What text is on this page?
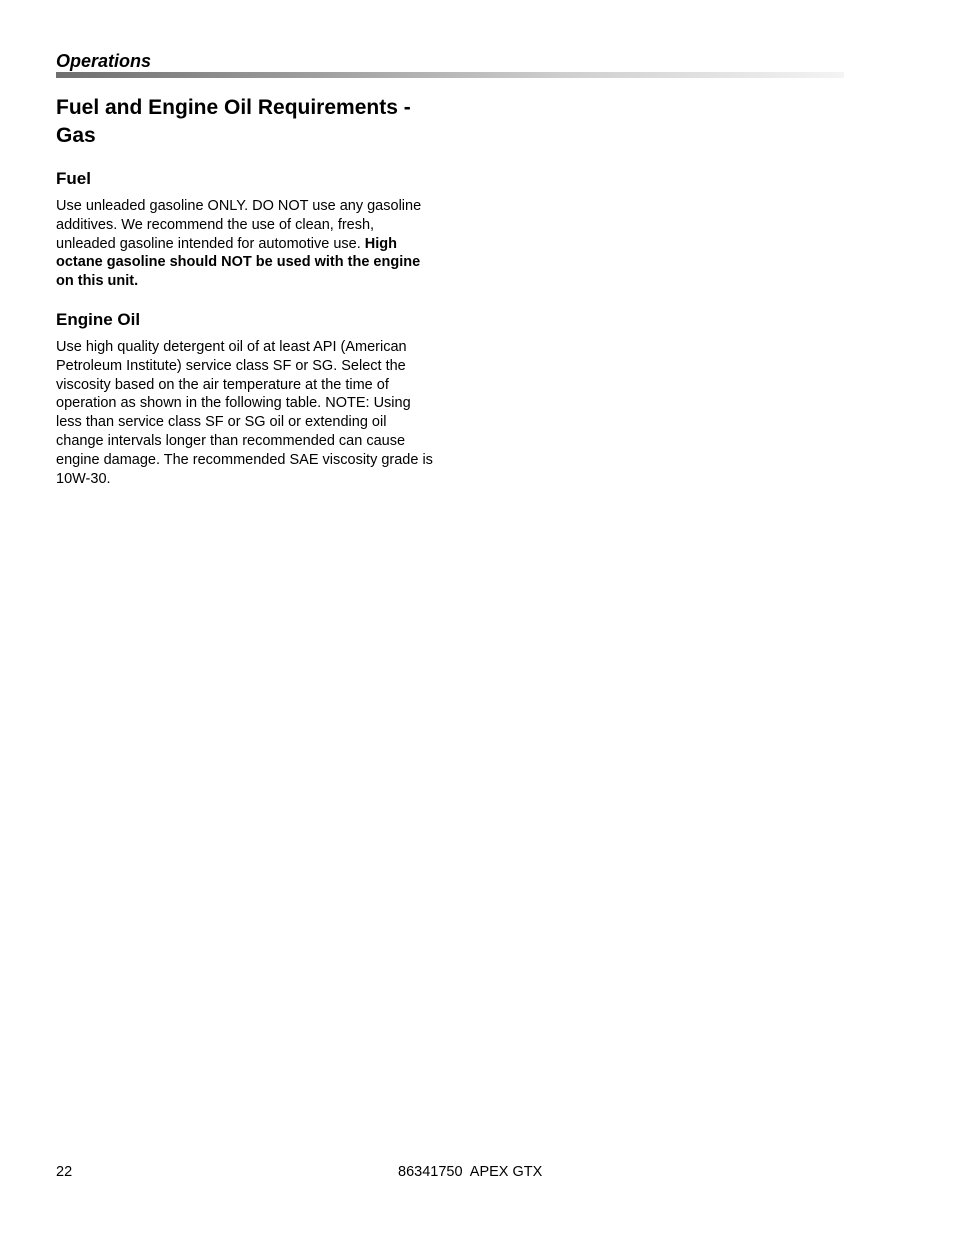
Operations
Fuel and Engine Oil Requirements - Gas
Fuel

Use unleaded gasoline ONLY. DO NOT use any gasoline additives. We recommend the use of clean, fresh, unleaded gasoline intended for automotive use. High octane gasoline should NOT be used with the engine on this unit.

Engine Oil

Use high quality detergent oil of at least API (American Petroleum Institute) service class SF or SG. Select the viscosity based on the air temperature at the time of operation as shown in the following table. NOTE: Using less than service class SF or SG oil or extending oil change intervals longer than recommended can cause engine damage. The recommended SAE viscosity grade is 10W-30.

22	86341750  APEX GTX
